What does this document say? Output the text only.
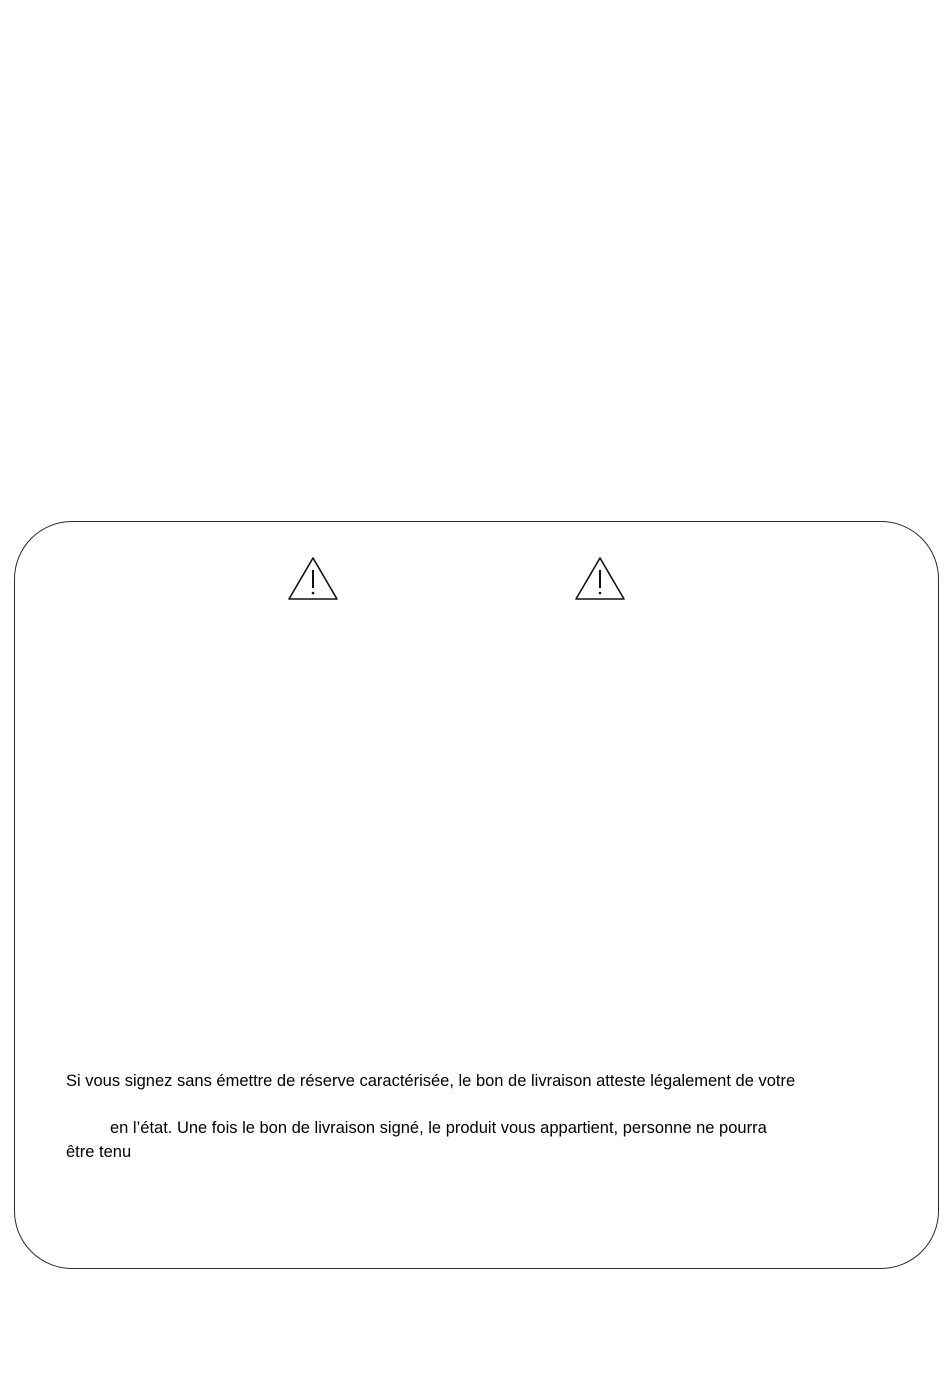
Si vous signez sans émettre de réserve caractérisée, le bon de livraison atteste légalement de votre
en l’état. Une fois le bon de livraison signé, le produit vous appartient, personne ne pourra
être tenu
